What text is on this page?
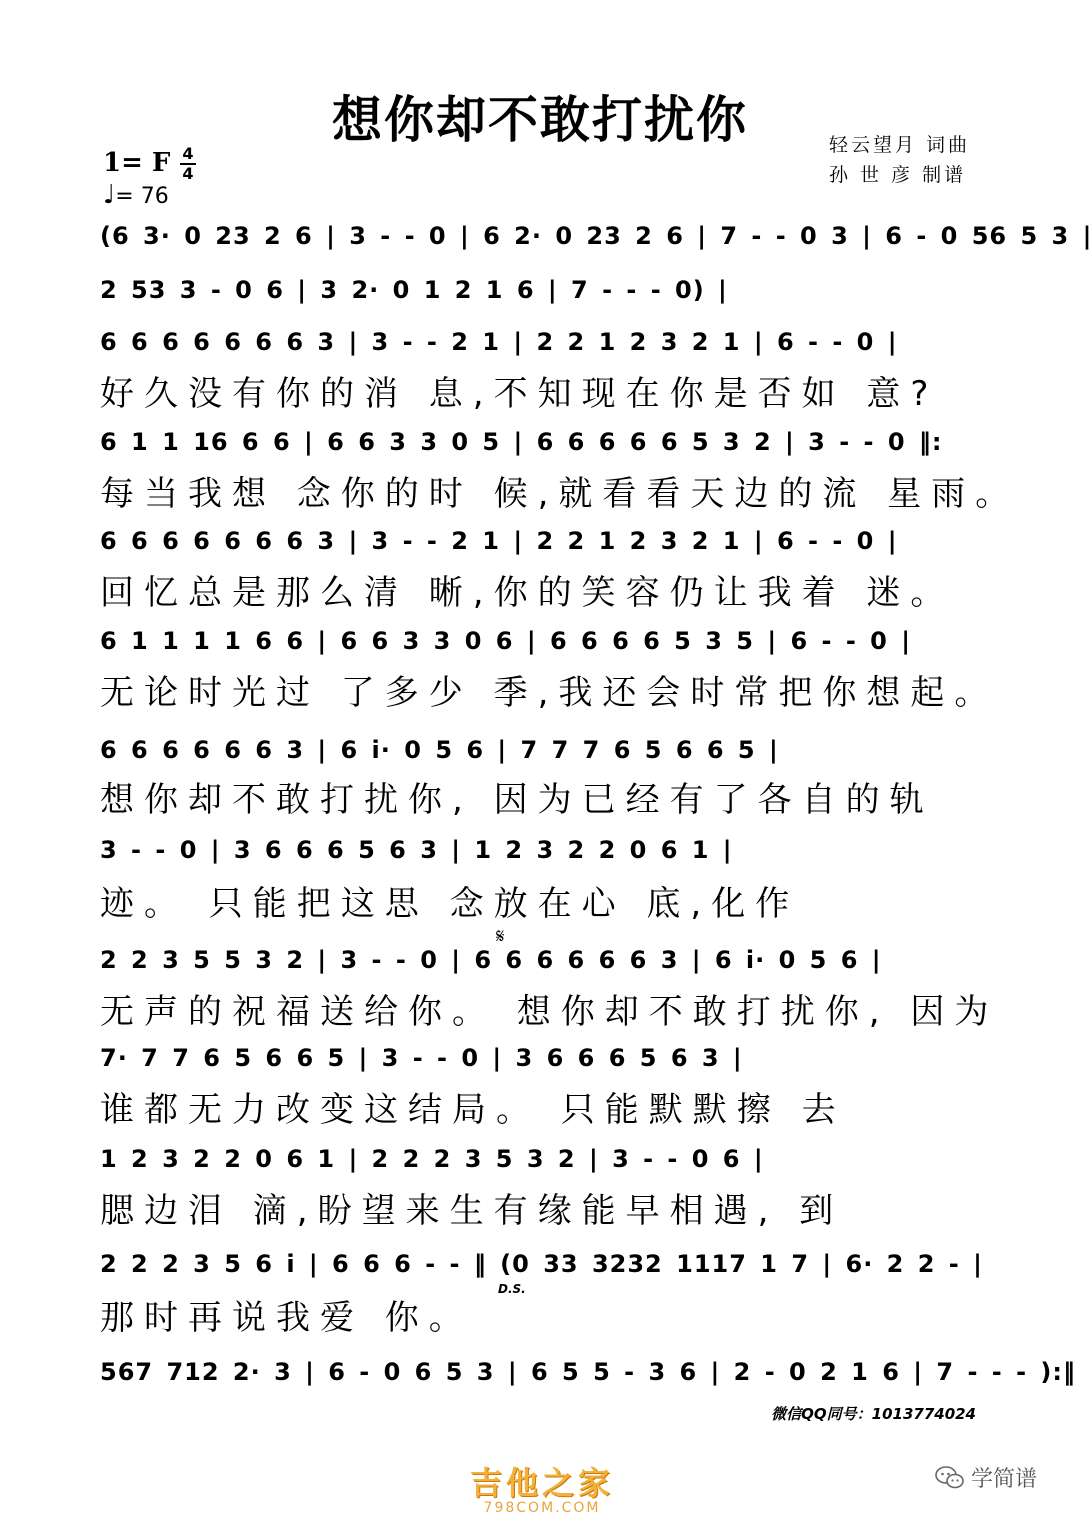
想你却不敢打扰你	轻云望月 词曲
孙 世 彦 制谱
1= F 4
4
♩= 76
(6 3· 0 23 2 6 | 3 - - 0 | 6 2· 0 23 2 6 | 7 - - 0 3 | 6 - 0 56 5 3 |
2 53 3 - 0 6 | 3 2· 0 1 2 1 6 | 7 - - - 0) |
6 6 6 6 6 6 6 3 | 3 - - 2 1 | 2 2 1 2 3 2 1 | 6 - - 0 |
好久没有你的消 息,不知现在你是否如 意?
6 1 1 16 6 6 | 6 6 3 3 0 5 | 6 6 6 6 6 5 3 2 | 3 - - 0 ‖:
每当我想 念你的时 候,就看看天边的流 星雨。
6 6 6 6 6 6 6 3 | 3 - - 2 1 | 2 2 1 2 3 2 1 | 6 - - 0 |
回忆总是那么清 晰,你的笑容仍让我着 迷。
6 1 1 1 1 6 6 | 6 6 3 3 0 6 | 6 6 6 6 5 3 5 | 6 - - 0 |
无论时光过 了多少 季,我还会时常把你想起。
6 6 6 6 6 6 3 | 6 i· 0 5 6 | 7 7 7 6 5 6 6 5 |
想你却不敢打扰你, 因为已经有了各自的轨
3 - - 0 | 3 6 6 6 5 6 3 | 1 2 3 2 2 0 6 1 |
迹。 只能把这思 念放在心 底,化作
2 2 3 5 5 3 2 | 3 - - 0 | 6 6 6 6 6 6 3 | 6 i· 0 5 6 |
无声的祝福送给你。 想你却不敢打扰你, 因为
7· 7 7 6 5 6 6 5 | 3 - - 0 | 3 6 6 6 5 6 3 |
谁都无力改变这结局。 只能默默擦 去
1 2 3 2 2 0 6 1 | 2 2 2 3 5 3 2 | 3 - - 0 6 |
腮边泪 滴,盼望来生有缘能早相遇, 到
2 2 2 3 5 6 i | 6 6 6 - - ‖ (0 33 3232 1117 1 7 | 6· 2 2 - |
那时再说我爱 你。
567 712 2· 3 | 6 - 0 6 5 3 | 6 5 5 - 3 6 | 2 - 0 2 1 6 | 7 - - - ):‖
D.S.
𝄋
微信QQ同号：1013774024
吉他之家
798COM.COM
学简谱
